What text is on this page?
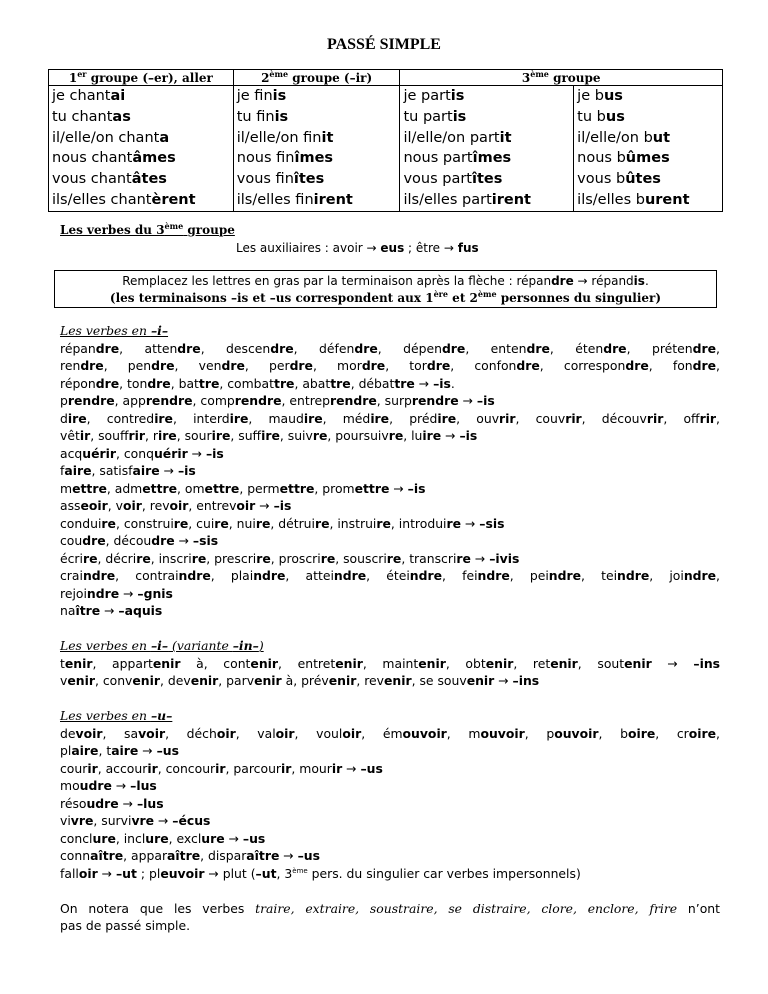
PASSÉ SIMPLE
1er groupe (–er), aller	2ème groupe (–ir)	3ème groupe	
je chantai	je finis	je partis	je bus
tu chantas	tu finis	tu partis	tu bus
il/elle/on chanta	il/elle/on finit	il/elle/on partit	il/elle/on but
nous chantâmes	nous finîmes	nous partîmes	nous bûmes
vous chantâtes	vous finîtes	vous partîtes	vous bûtes
ils/elles chantèrent	ils/elles finirent	ils/elles partirent	ils/elles burent
Les verbes du 3ème groupe
Les auxiliaires : avoir → eus ; être → fus
Remplacez les lettres en gras par la terminaison après la flèche : répandre → répandis.
(les terminaisons –is et –us correspondent aux 1ère et 2ème personnes du singulier)
Les verbes en –i–
répandre, attendre, descendre, défendre, dépendre, entendre, étendre, prétendre,
rendre, pendre, vendre, perdre, mordre, tordre, confondre, correspondre, fondre,
répondre, tondre, battre, combattre, abattre, débattre → –is.
prendre, apprendre, comprendre, entreprendre, surprendre → –is
dire, contredire, interdire, maudire, médire, prédire, ouvrir, couvrir, découvrir, offrir,
vêtir, souffrir, rire, sourire, suffire, suivre, poursuivre, luire → –is
acquérir, conquérir → –is
faire, satisfaire → –is
mettre, admettre, omettre, permettre, promettre → –is
asseoir, voir, revoir, entrevoir → –is
conduire, construire, cuire, nuire, détruire, instruire, introduire → –sis
coudre, découdre → –sis
écrire, décrire, inscrire, prescrire, proscrire, souscrire, transcrire → –ivis
craindre, contraindre, plaindre, atteindre, éteindre, feindre, peindre, teindre, joindre,
rejoindre → –gnis
naître → –aquis
Les verbes en –i– (variante –in–)
tenir, appartenir à, contenir, entretenir, maintenir, obtenir, retenir, soutenir → –ins
venir, convenir, devenir, parvenir à, prévenir, revenir, se souvenir → –ins
Les verbes en –u–
devoir, savoir, déchoir, valoir, vouloir, émouvoir, mouvoir, pouvoir, boire, croire,
plaire, taire → –us
courir, accourir, concourir, parcourir, mourir → –us
moudre → –lus
résoudre → –lus
vivre, survivre → –écus
conclure, inclure, exclure → –us
connaître, apparaître, disparaître → –us
falloir → –ut ; pleuvoir → plut (–ut, 3ème pers. du singulier car verbes impersonnels)
On notera que les verbes traire, extraire, soustraire, se distraire, clore, enclore, frire n’ont
pas de passé simple.
